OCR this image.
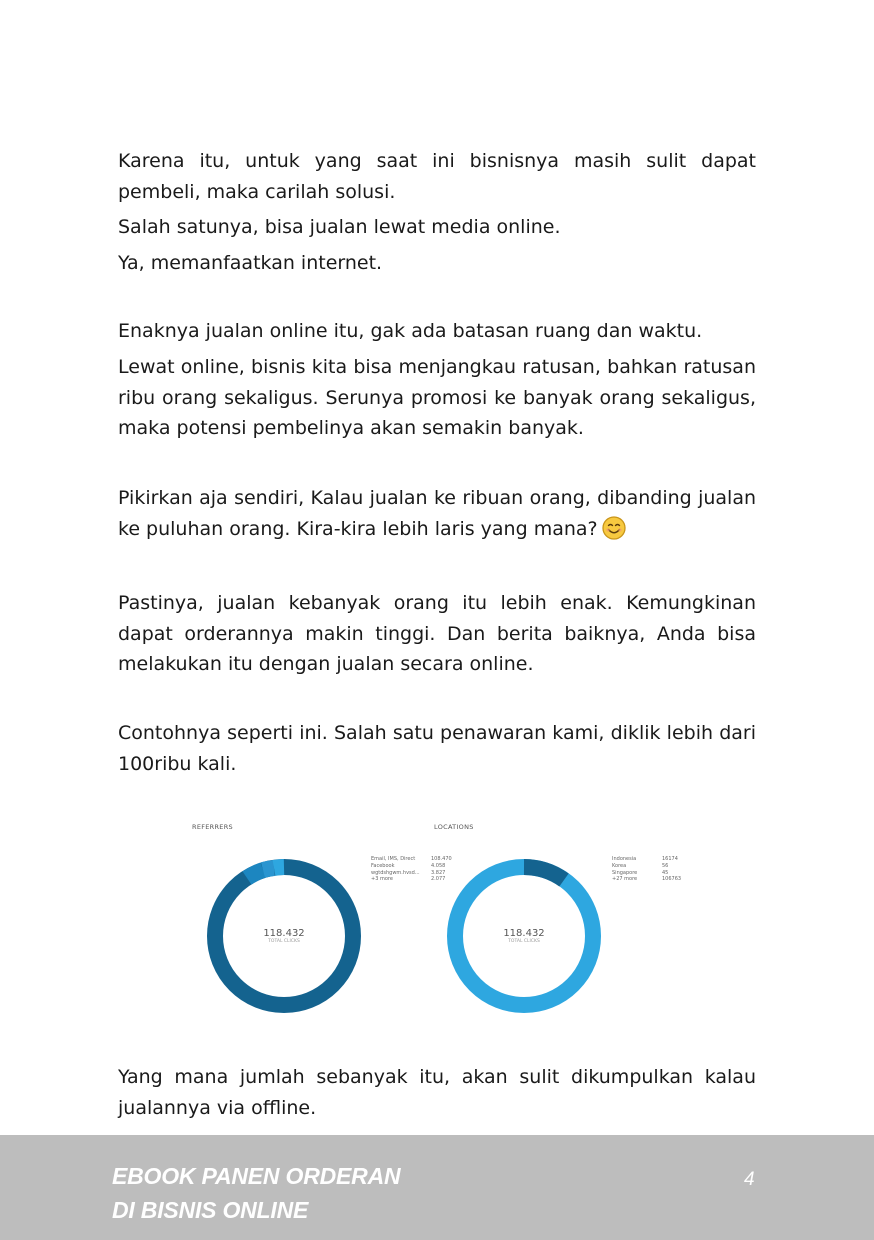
Karena itu, untuk yang saat ini bisnisnya masih sulit dapat pembeli, maka carilah solusi.

Salah satunya, bisa jualan lewat media online.

Ya, memanfaatkan internet.

Enaknya jualan online itu, gak ada batasan ruang dan waktu.

Lewat online, bisnis kita bisa menjangkau ratusan, bahkan ratusan ribu orang sekaligus. Serunya promosi ke banyak orang sekaligus, maka potensi pembelinya akan semakin banyak.

Pikirkan aja sendiri, Kalau jualan ke ribuan orang, dibanding jualan ke puluhan orang. Kira-kira lebih laris yang mana?

Pastinya, jualan kebanyak orang itu lebih enak. Kemungkinan dapat orderannya makin tinggi. Dan berita baiknya, Anda bisa melakukan itu dengan jualan secara online.

Contohnya seperti ini. Salah satu penawaran kami, diklik lebih dari 100ribu kali.

REFERRERS	LOCATIONS
118.432
TOTAL CLICKS
118.432
TOTAL CLICKS
Email, IMS, Direct	108.470
Facebook	4.058
wgtdshgwm.hvsd...	3.827
+3 more	2.077
Indonesia	16174
Korea	56
Singapore	45
+27 more	106763

Yang mana jumlah sebanyak itu, akan sulit dikumpulkan kalau jualannya via offline.

EBOOK PANEN ORDERAN
DI BISNIS ONLINE
4
